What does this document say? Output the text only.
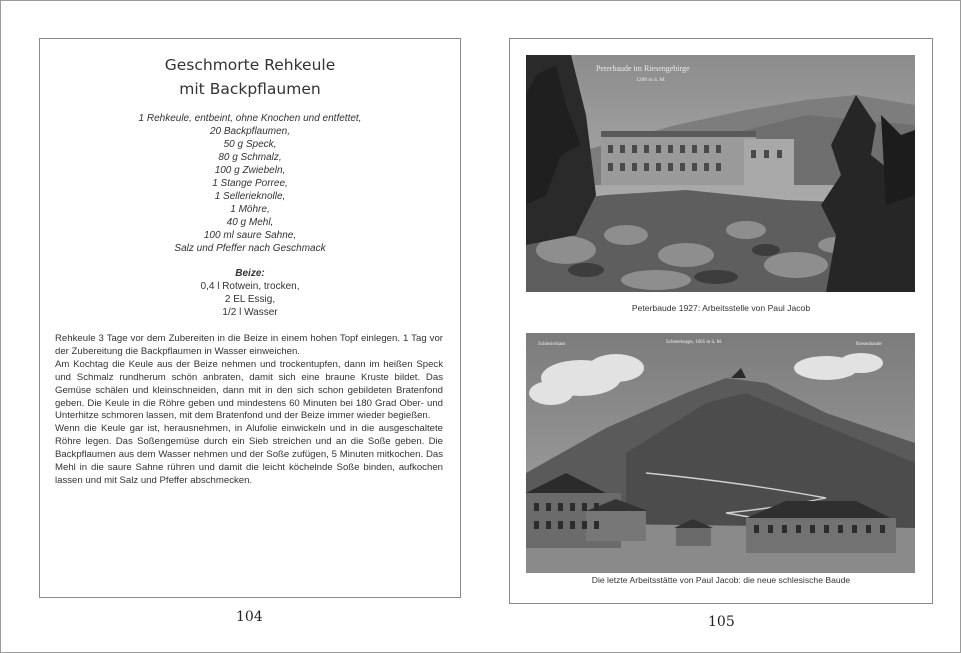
Geschmorte Rehkeule
mit Backpflaumen
1 Rehkeule, entbeint, ohne Knochen und entfettet,
20 Backpflaumen,
50 g Speck,
80 g Schmalz,
100 g Zwiebeln,
1 Stange Porree,
1 Sellerieknolle,
1 Möhre,
40 g Mehl,
100 ml saure Sahne,
Salz und Pfeffer nach Geschmack
Beize:
0,4 l Rotwein, trocken,
2 EL Essig,
1/2 l Wasser

Rehkeule 3 Tage vor dem Zubereiten in die Beize in einem hohen Topf einlegen. 1 Tag vor der Zubereitung die Backpflaumen in Wasser einweichen.

Am Kochtag die Keule aus der Beize nehmen und trockentupfen, dann im heißen Speck und Schmalz rundherum schön anbraten, damit sich eine braune Kruste bildet. Das Gemüse schälen und kleinschneiden, dann mit in den sich schon gebildeten Bratenfond geben. Die Keule in die Röhre geben und mindestens 60 Minuten bei 180 Grad Ober- und Unterhitze schmoren lassen, mit dem Bratenfond und der Beize immer wieder begießen.

Wenn die Keule gar ist, herausnehmen, in Alufolie einwickeln und in die ausgeschaltete Röhre legen. Das Soßengemüse durch ein Sieb streichen und an die Soße geben. Die Backpflaumen aus dem Wasser nehmen und der Soße zufügen, 5 Minuten mitkochen. Das Mehl in die saure Sahne rühren und damit die leicht köchelnde Soße binden, aufkochen lassen und mit Salz und Pfeffer abschmecken.

104
Peterbaude im Riesengebirge
1288 m ü. M.
Peterbaude 1927: Arbeitsstelle von Paul Jacob
Schlesierhaus	Schneekoppe, 1605 m ü. M.	Riesenbaude
Die letzte Arbeitsstätte von Paul Jacob: die neue schlesische Baude
105
